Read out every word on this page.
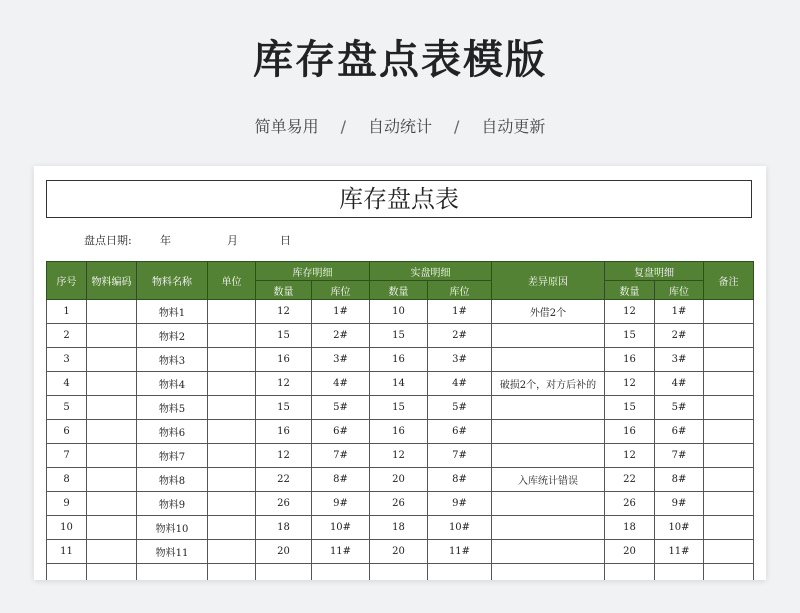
库存盘点表模版
简单易用 / 自动统计 / 自动更新
库存盘点表
盘点日期:	年	月	日
序号	物料编码	物料名称	单位	库存明细		实盘明细		差异原因	复盘明细		备注
				数量	库位	数量	库位		数量	库位	
1		物料1		12	1#	10	1#	外借2个	12	1#	
2		物料2		15	2#	15	2#		15	2#	
3		物料3		16	3#	16	3#		16	3#	
4		物料4		12	4#	14	4#	破损2个，对方后补的	12	4#	
5		物料5		15	5#	15	5#		15	5#	
6		物料6		16	6#	16	6#		16	6#	
7		物料7		12	7#	12	7#		12	7#	
8		物料8		22	8#	20	8#	入库统计错误	22	8#	
9		物料9		26	9#	26	9#		26	9#	
10		物料10		18	10#	18	10#		18	10#	
11		物料11		20	11#	20	11#		20	11#	
